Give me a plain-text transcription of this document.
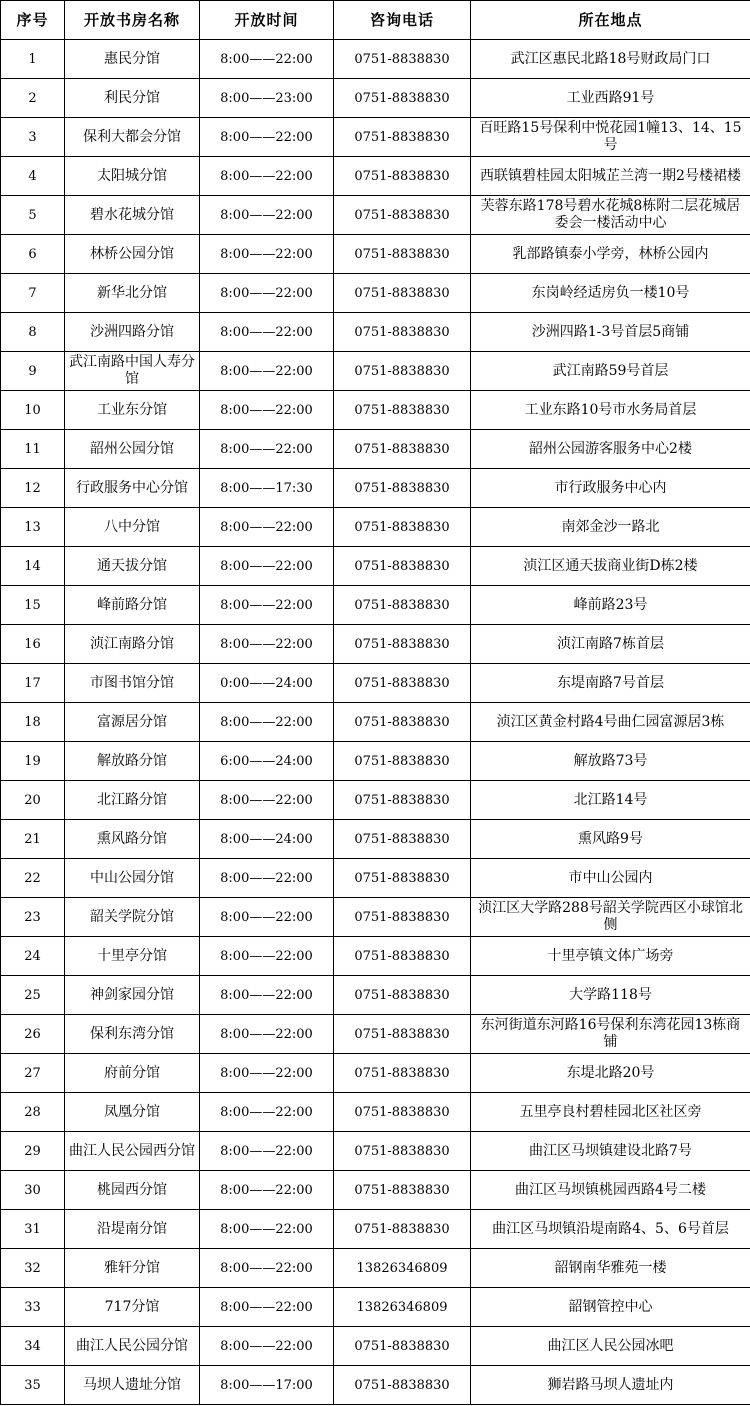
序号	开放书房名称	开放时间	咨询电话	所在地点
1	惠民分馆	8:00——22:00	0751-8838830	武江区惠民北路18号财政局门口
2	利民分馆	8:00——23:00	0751-8838830	工业西路91号
3	保利大都会分馆	8:00——22:00	0751-8838830	百旺路15号保利中悦花园1幢13、14、15号
4	太阳城分馆	8:00——22:00	0751-8838830	西联镇碧桂园太阳城芷兰湾一期2号楼裙楼
5	碧水花城分馆	8:00——22:00	0751-8838830	芙蓉东路178号碧水花城8栋附二层花城居委会一楼活动中心
6	林桥公园分馆	8:00——22:00	0751-8838830	乳部路镇泰小学旁，林桥公园内
7	新华北分馆	8:00——22:00	0751-8838830	东岗岭经适房负一楼10号
8	沙洲四路分馆	8:00——22:00	0751-8838830	沙洲四路1-3号首层5商铺
9	武江南路中国人寿分馆	8:00——22:00	0751-8838830	武江南路59号首层
10	工业东分馆	8:00——22:00	0751-8838830	工业东路10号市水务局首层
11	韶州公园分馆	8:00——22:00	0751-8838830	韶州公园游客服务中心2楼
12	行政服务中心分馆	8:00——17:30	0751-8838830	市行政服务中心内
13	八中分馆	8:00——22:00	0751-8838830	南郊金沙一路北
14	通天拔分馆	8:00——22:00	0751-8838830	浈江区通天拔商业街D栋2楼
15	峰前路分馆	8:00——22:00	0751-8838830	峰前路23号
16	浈江南路分馆	8:00——22:00	0751-8838830	浈江南路7栋首层
17	市图书馆分馆	0:00——24:00	0751-8838830	东堤南路7号首层
18	富源居分馆	8:00——22:00	0751-8838830	浈江区黄金村路4号曲仁园富源居3栋
19	解放路分馆	6:00——24:00	0751-8838830	解放路73号
20	北江路分馆	8:00——22:00	0751-8838830	北江路14号
21	熏风路分馆	8:00——24:00	0751-8838830	熏风路9号
22	中山公园分馆	8:00——22:00	0751-8838830	市中山公园内
23	韶关学院分馆	8:00——22:00	0751-8838830	浈江区大学路288号韶关学院西区小球馆北侧
24	十里亭分馆	8:00——22:00	0751-8838830	十里亭镇文体广场旁
25	神剑家园分馆	8:00——22:00	0751-8838830	大学路118号
26	保利东湾分馆	8:00——22:00	0751-8838830	东河街道东河路16号保利东湾花园13栋商铺
27	府前分馆	8:00——22:00	0751-8838830	东堤北路20号
28	凤凰分馆	8:00——22:00	0751-8838830	五里亭良村碧桂园北区社区旁
29	曲江人民公园西分馆	8:00——22:00	0751-8838830	曲江区马坝镇建设北路7号
30	桃园西分馆	8:00——22:00	0751-8838830	曲江区马坝镇桃园西路4号二楼
31	沿堤南分馆	8:00——22:00	0751-8838830	曲江区马坝镇沿堤南路4、5、6号首层
32	雅轩分馆	8:00——22:00	13826346809	韶钢南华雅苑一楼
33	717分馆	8:00——22:00	13826346809	韶钢管控中心
34	曲江人民公园分馆	8:00——22:00	0751-8838830	曲江区人民公园冰吧
35	马坝人遗址分馆	8:00——17:00	0751-8838830	狮岩路马坝人遗址内
